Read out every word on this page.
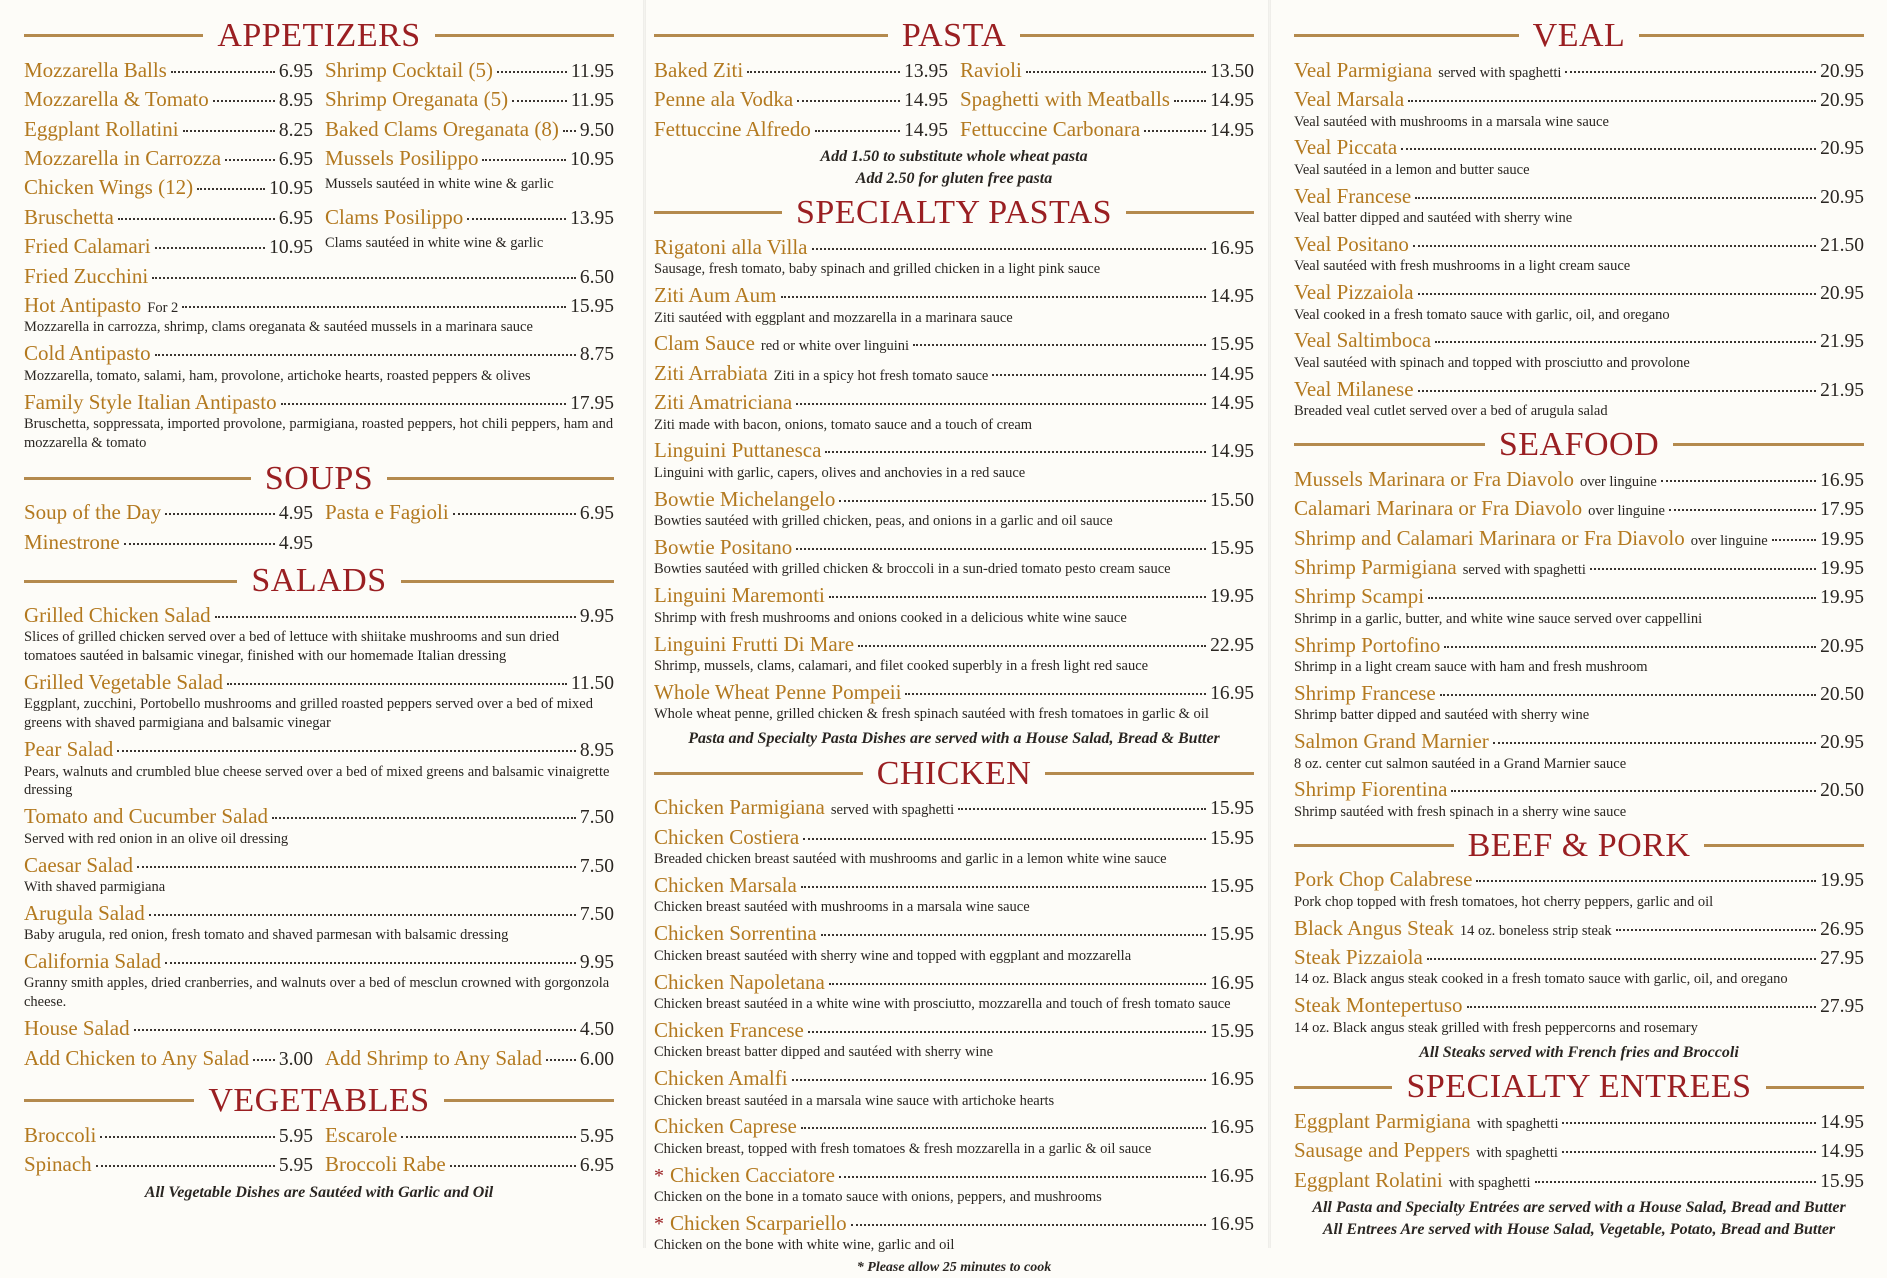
APPETIZERS
Mozzarella Balls	6.95 Shrimp Cocktail (5)	11.95
Mozzarella & Tomato	8.95 Shrimp Oreganata (5)	11.95
Eggplant Rollatini	8.25 Baked Clams Oreganata (8) 9.50
Mozzarella in Carrozza	6.95 Mussels Posilippo	10.95
Chicken Wings (12)	10.95 Mussels sautéed in white wine & garlic
Bruschetta	6.95 Clams Posilippo	13.95
Fried Calamari	10.95 Clams sautéed in white wine & garlic
Fried Zucchini	6.50
Hot Antipasto For 2	15.95
Mozzarella in carrozza, shrimp, clams oreganata & sautéed mussels in a marinara sauce
Cold Antipasto	8.75
Mozzarella, tomato, salami, ham, provolone, artichoke hearts, roasted peppers & olives
Family Style Italian Antipasto	17.95
Bruschetta, soppressata, imported provolone, parmigiana, roasted peppers, hot chili peppers, ham and mozzarella & tomato
SOUPS
Soup of the Day	4.95 Pasta e Fagioli	6.95
Minestrone	4.95
SALADS
Grilled Chicken Salad	9.95
Slices of grilled chicken served over a bed of lettuce with shiitake mushrooms and sun dried tomatoes sautéed in balsamic vinegar, finished with our homemade Italian dressing
Grilled Vegetable Salad	11.50
Eggplant, zucchini, Portobello mushrooms and grilled roasted peppers served over a bed of mixed greens with shaved parmigiana and balsamic vinegar
Pear Salad	8.95
Pears, walnuts and crumbled blue cheese served over a bed of mixed greens and balsamic vinaigrette dressing
Tomato and Cucumber Salad	7.50
Served with red onion in an olive oil dressing
Caesar Salad	7.50
With shaved parmigiana
Arugula Salad	7.50
Baby arugula, red onion, fresh tomato and shaved parmesan with balsamic dressing
California Salad	9.95
Granny smith apples, dried cranberries, and walnuts over a bed of mesclun crowned with gorgonzola cheese.
House Salad	4.50
Add Chicken to Any Salad 3.00 Add Shrimp to Any Salad 6.00
VEGETABLES
Broccoli	5.95 Escarole	5.95
Spinach	5.95 Broccoli Rabe	6.95
All Vegetable Dishes are Sautéed with Garlic and Oil
PASTA
Baked Ziti	13.95 Ravioli	13.50
Penne ala Vodka	14.95 Spaghetti with Meatballs 14.95
Fettuccine Alfredo	14.95 Fettuccine Carbonara	14.95
Add 1.50 to substitute whole wheat pasta
Add 2.50 for gluten free pasta
SPECIALTY PASTAS
Rigatoni alla Villa	16.95
Sausage, fresh tomato, baby spinach and grilled chicken in a light pink sauce
Ziti Aum Aum	14.95
Ziti sautéed with eggplant and mozzarella in a marinara sauce
Clam Sauce red or white over linguini	15.95
Ziti Arrabiata Ziti in a spicy hot fresh tomato sauce	14.95
Ziti Amatriciana	14.95
Ziti made with bacon, onions, tomato sauce and a touch of cream
Linguini Puttanesca	14.95
Linguini with garlic, capers, olives and anchovies in a red sauce
Bowtie Michelangelo	15.50
Bowties sautéed with grilled chicken, peas, and onions in a garlic and oil sauce
Bowtie Positano	15.95
Bowties sautéed with grilled chicken & broccoli in a sun-dried tomato pesto cream sauce
Linguini Maremonti	19.95
Shrimp with fresh mushrooms and onions cooked in a delicious white wine sauce
Linguini Frutti Di Mare	22.95
Shrimp, mussels, clams, calamari, and filet cooked superbly in a fresh light red sauce
Whole Wheat Penne Pompeii	16.95
Whole wheat penne, grilled chicken & fresh spinach sautéed with fresh tomatoes in garlic & oil
Pasta and Specialty Pasta Dishes are served with a House Salad, Bread & Butter
CHICKEN
Chicken Parmigiana served with spaghetti	15.95
Chicken Costiera	15.95
Breaded chicken breast sautéed with mushrooms and garlic in a lemon white wine sauce
Chicken Marsala	15.95
Chicken breast sautéed with mushrooms in a marsala wine sauce
Chicken Sorrentina	15.95
Chicken breast sautéed with sherry wine and topped with eggplant and mozzarella
Chicken Napoletana	16.95
Chicken breast sautéed in a white wine with prosciutto, mozzarella and touch of fresh tomato sauce
Chicken Francese	15.95
Chicken breast batter dipped and sautéed with sherry wine
Chicken Amalfi	16.95
Chicken breast sautéed in a marsala wine sauce with artichoke hearts
Chicken Caprese	16.95
Chicken breast, topped with fresh tomatoes & fresh mozzarella in a garlic & oil sauce
* Chicken Cacciatore	16.95
Chicken on the bone in a tomato sauce with onions, peppers, and mushrooms
* Chicken Scarpariello	16.95
Chicken on the bone with white wine, garlic and oil
* Please allow 25 minutes to cook
VEAL
Veal Parmigiana served with spaghetti	20.95
Veal Marsala	20.95
Veal sautéed with mushrooms in a marsala wine sauce
Veal Piccata	20.95
Veal sautéed in a lemon and butter sauce
Veal Francese	20.95
Veal batter dipped and sautéed with sherry wine
Veal Positano	21.50
Veal sautéed with fresh mushrooms in a light cream sauce
Veal Pizzaiola	20.95
Veal cooked in a fresh tomato sauce with garlic, oil, and oregano
Veal Saltimboca	21.95
Veal sautéed with spinach and topped with prosciutto and provolone
Veal Milanese	21.95
Breaded veal cutlet served over a bed of arugula salad
SEAFOOD
Mussels Marinara or Fra Diavolo over linguine	16.95
Calamari Marinara or Fra Diavolo over linguine	17.95
Shrimp and Calamari Marinara or Fra Diavolo over linguine	19.95
Shrimp Parmigiana served with spaghetti	19.95
Shrimp Scampi	19.95
Shrimp in a garlic, butter, and white wine sauce served over cappellini
Shrimp Portofino	20.95
Shrimp in a light cream sauce with ham and fresh mushroom
Shrimp Francese	20.50
Shrimp batter dipped and sautéed with sherry wine
Salmon Grand Marnier	20.95
8 oz. center cut salmon sautéed in a Grand Marnier sauce
Shrimp Fiorentina	20.50
Shrimp sautéed with fresh spinach in a sherry wine sauce
BEEF & PORK
Pork Chop Calabrese	19.95
Pork chop topped with fresh tomatoes, hot cherry peppers, garlic and oil
Black Angus Steak 14 oz. boneless strip steak	26.95
Steak Pizzaiola	27.95
14 oz. Black angus steak cooked in a fresh tomato sauce with garlic, oil, and oregano
Steak Montepertuso	27.95
14 oz. Black angus steak grilled with fresh peppercorns and rosemary
All Steaks served with French fries and Broccoli
SPECIALTY ENTREES
Eggplant Parmigiana with spaghetti	14.95
Sausage and Peppers with spaghetti	14.95
Eggplant Rolatini with spaghetti	15.95
All Pasta and Specialty Entrées are served with a House Salad, Bread and Butter
All Entrees Are served with House Salad, Vegetable, Potato, Bread and Butter
